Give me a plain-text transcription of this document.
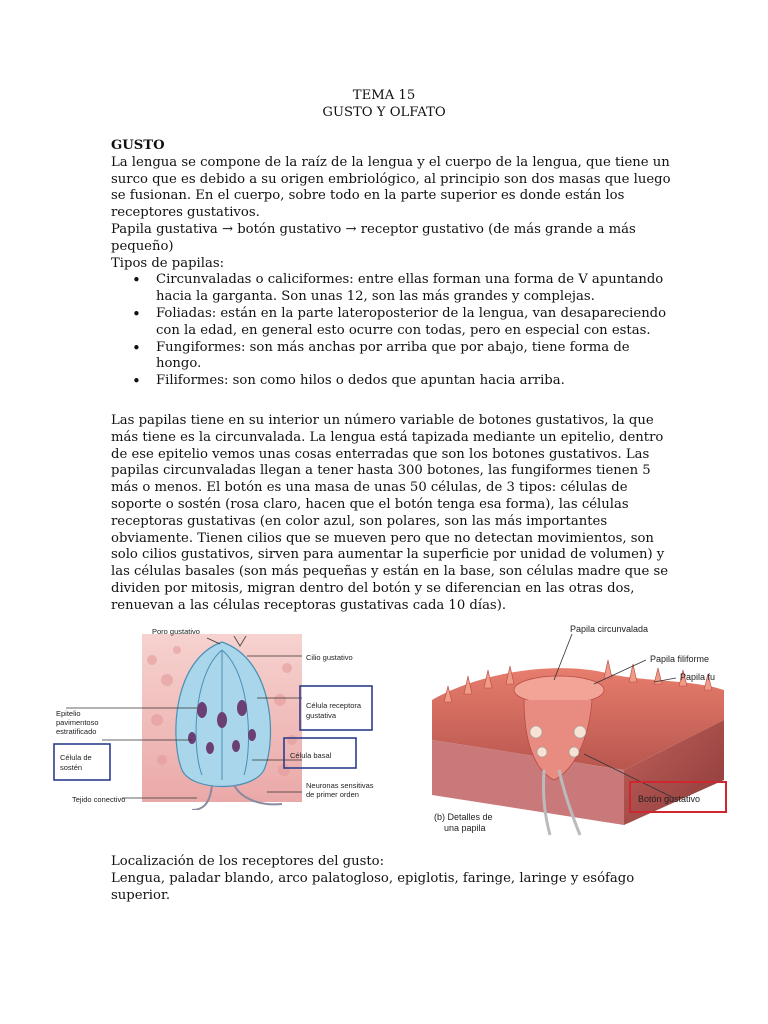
TEMA 15
GUSTO Y OLFATO
GUSTO
La lengua se compone de la raíz de la lengua y el cuerpo de la lengua, que tiene un surco que es debido a su origen embriológico, al principio son dos masas que luego se fusionan. En el cuerpo, sobre todo en la parte superior es donde están los receptores gustativos.
Papila gustativa → botón gustativo → receptor gustativo (de más grande a más pequeño)
Tipos de papilas:
• Circunvaladas o caliciformes: entre ellas forman una forma de V apuntando hacia la garganta. Son unas 12, son las más grandes y complejas.
• Foliadas: están en la parte lateroposterior de la lengua, van desapareciendo con la edad, en general esto ocurre con todas, pero en especial con estas.
• Fungiformes: son más anchas por arriba que por abajo, tiene forma de hongo.
• Filiformes: son como hilos o dedos que apuntan hacia arriba.
Las papilas tiene en su interior un número variable de botones gustativos, la que más tiene es la circunvalada. La lengua está tapizada mediante un epitelio, dentro de ese epitelio vemos unas cosas enterradas que son los botones gustativos. Las papilas circunvaladas llegan a tener hasta 300 botones, las fungiformes tienen 5 más o menos. El botón es una masa de unas 50 células, de 3 tipos: células de soporte o sostén (rosa claro, hacen que el botón tenga esa forma), las células receptoras gustativas (en color azul, son polares, son las más importantes obviamente. Tienen cilios que se mueven pero que no detectan movimientos, son solo cilios gustativos, sirven para aumentar la superficie por unidad de volumen) y las células basales (son más pequeñas y están en la base, son células madre que se dividen por mitosis, migran dentro del botón y se diferencian en las otras dos, renuevan a las células receptoras gustativas cada 10 días).
Poro gustativo
Cilio gustativo
Célula receptora
gustativa
Epitelio
pavimentoso
estratificado
Célula de
sostén
Célula basal
Neuronas sensitivas
de primer orden
Tejido conectivo
Papila circunvalada
Papila filiforme
Papila fu
(b) Detalles de
una papila
Botón gustativo
Localización de los receptores del gusto:
Lengua, paladar blando, arco palatogloso, epiglotis, faringe, laringe y esófago superior.
